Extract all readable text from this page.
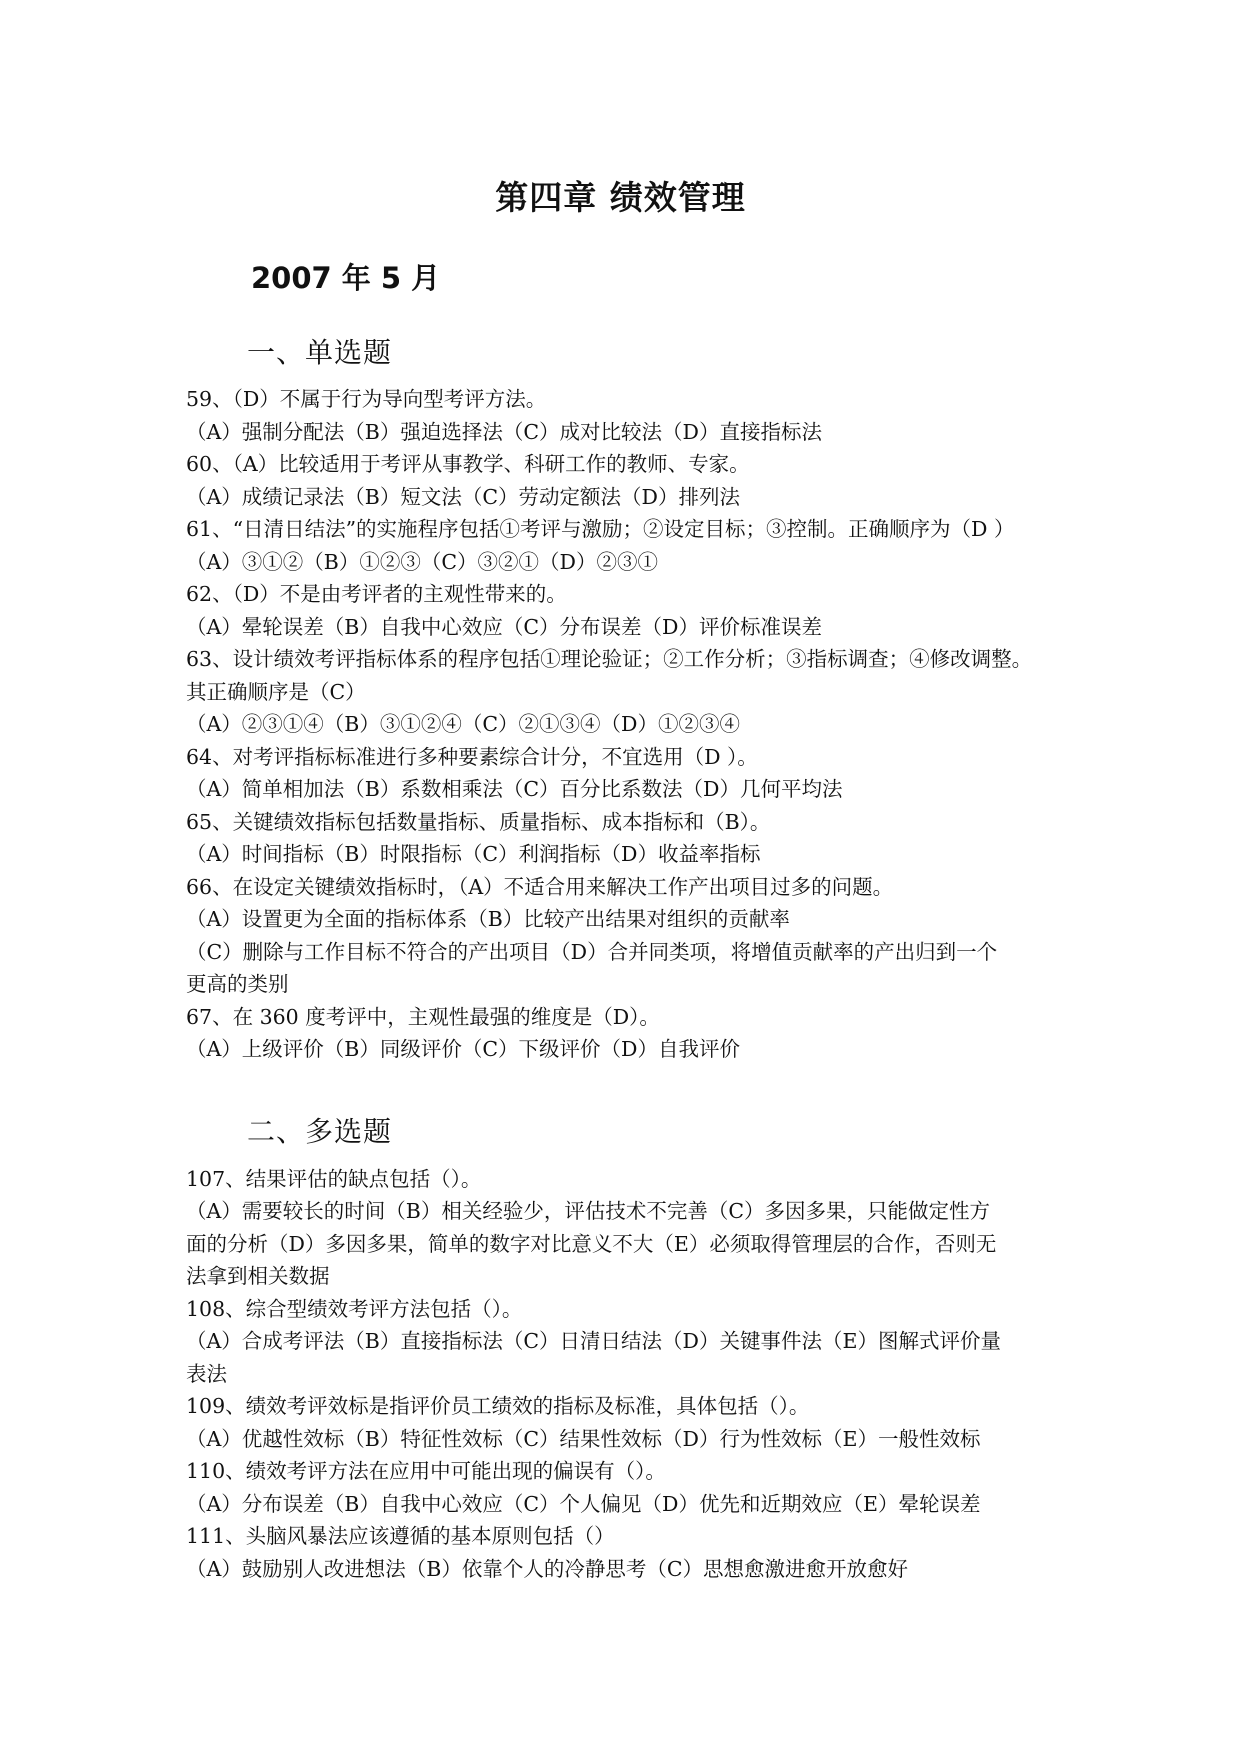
第四章 绩效管理
2007 年 5 月
一、单选题

59、（D）不属于行为导向型考评方法。

（A）强制分配法（B）强迫选择法（C）成对比较法（D）直接指标法

60、（A）比较适用于考评从事教学、科研工作的教师、专家。

（A）成绩记录法（B）短文法（C）劳动定额法（D）排列法

61、“日清日结法”的实施程序包括①考评与激励；②设定目标；③控制。正确顺序为（D ）

（A）③①②（B）①②③（C）③②①（D）②③①

62、（D）不是由考评者的主观性带来的。

（A）晕轮误差（B）自我中心效应（C）分布误差（D）评价标准误差

63、设计绩效考评指标体系的程序包括①理论验证；②工作分析；③指标调查；④修改调整。

其正确顺序是（C）

（A）②③①④（B）③①②④（C）②①③④（D）①②③④

64、对考评指标标准进行多种要素综合计分，不宜选用（D ）。

（A）简单相加法（B）系数相乘法（C）百分比系数法（D）几何平均法

65、关键绩效指标包括数量指标、质量指标、成本指标和（B）。

（A）时间指标（B）时限指标（C）利润指标（D）收益率指标

66、在设定关键绩效指标时，（A）不适合用来解决工作产出项目过多的问题。

（A）设置更为全面的指标体系（B）比较产出结果对组织的贡献率

（C）删除与工作目标不符合的产出项目（D）合并同类项，将增值贡献率的产出归到一个

更高的类别

67、在 360 度考评中，主观性最强的维度是（D）。

（A）上级评价（B）同级评价（C）下级评价（D）自我评价

二、多选题

107、结果评估的缺点包括（）。

（A）需要较长的时间（B）相关经验少，评估技术不完善（C）多因多果，只能做定性方

面的分析（D）多因多果，简单的数字对比意义不大（E）必须取得管理层的合作，否则无

法拿到相关数据

108、综合型绩效考评方法包括（）。

（A）合成考评法（B）直接指标法（C）日清日结法（D）关键事件法（E）图解式评价量

表法

109、绩效考评效标是指评价员工绩效的指标及标准，具体包括（）。

（A）优越性效标（B）特征性效标（C）结果性效标（D）行为性效标（E）一般性效标

110、绩效考评方法在应用中可能出现的偏误有（）。

（A）分布误差（B）自我中心效应（C）个人偏见（D）优先和近期效应（E）晕轮误差

111、头脑风暴法应该遵循的基本原则包括（）

（A）鼓励别人改进想法（B）依靠个人的冷静思考（C）思想愈激进愈开放愈好
